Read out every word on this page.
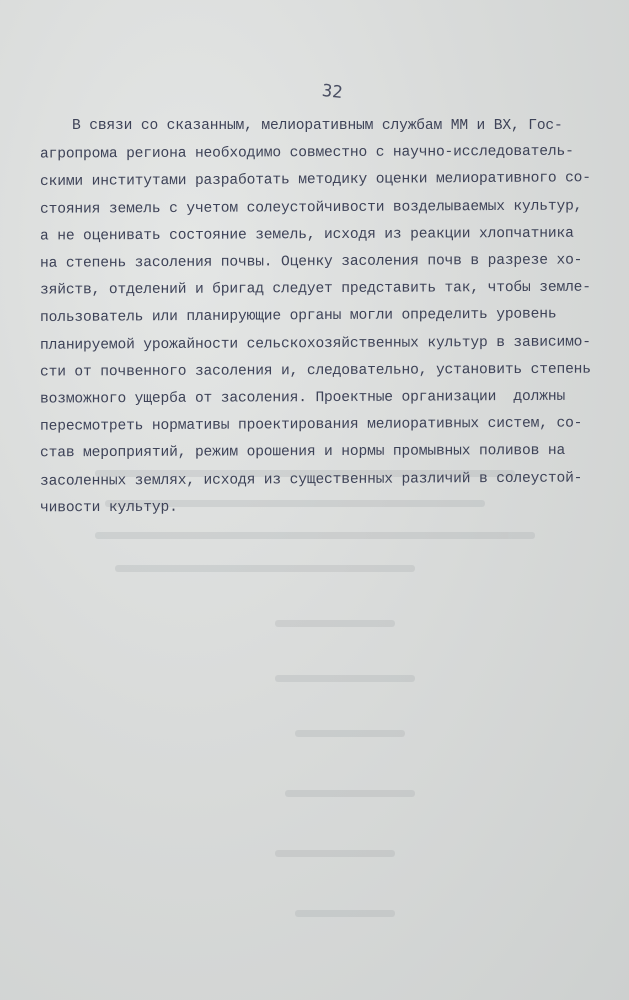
32
В связи со сказанным, мелиоративным службам ММ и ВХ, Гос-
агропрома региона необходимо совместно с научно-исследователь-
скими институтами разработать методику оценки мелиоративного со-
стояния земель с учетом солеустойчивости возделываемых культур,
а не оценивать состояние земель, исходя из реакции хлопчатника
на степень засоления почвы. Оценку засоления почв в разрезе хо-
зяйств, отделений и бригад следует представить так, чтобы земле-
пользователь или планирующие органы могли определить уровень
планируемой урожайности сельскохозяйственных культур в зависимо-
сти от почвенного засоления и, следовательно, установить степень
возможного ущерба от засоления. Проектные организации  должны
пересмотреть нормативы проектирования мелиоративных систем, со-
став мероприятий, режим орошения и нормы промывных поливов на
засоленных землях, исходя из существенных различий в солеустой-
чивости культур.
